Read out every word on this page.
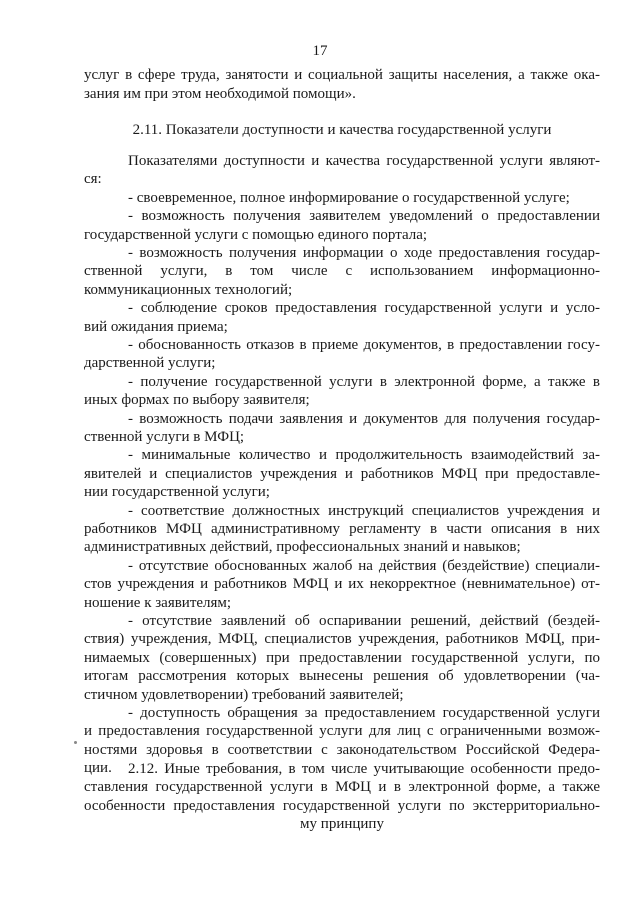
17

услуг в сфере труда, занятости и социальной защиты населения, а также ока-

зания им при этом необходимой помощи».

2.11. Показатели доступности и качества государственной услуги

Показателями доступности и качества государственной услуги являют-

ся:

- своевременное, полное информирование о государственной услуге;

- возможность получения заявителем уведомлений о предоставлении

государственной услуги с помощью единого портала;

- возможность получения информации о ходе предоставления государ-

ственной услуги, в том числе с использованием информационно-

коммуникационных технологий;

- соблюдение сроков предоставления государственной услуги и усло-

вий ожидания приема;

- обоснованность отказов в приеме документов, в предоставлении госу-

дарственной услуги;

- получение государственной услуги в электронной форме, а также в

иных формах по выбору заявителя;

- возможность подачи заявления и документов для получения государ-

ственной услуги в МФЦ;

- минимальные количество и продолжительность взаимодействий за-

явителей и специалистов учреждения и работников МФЦ при предоставле-

нии государственной услуги;

- соответствие должностных инструкций специалистов учреждения и

работников МФЦ административному регламенту в части описания в них

административных действий, профессиональных знаний и навыков;

- отсутствие обоснованных жалоб на действия (бездействие) специали-

стов учреждения и работников МФЦ и их некорректное (невнимательное) от-

ношение к заявителям;

- отсутствие заявлений об оспаривании решений, действий (бездей-

ствия) учреждения, МФЦ, специалистов учреждения, работников МФЦ, при-

нимаемых (совершенных) при предоставлении государственной услуги, по

итогам рассмотрения которых вынесены решения об удовлетворении (ча-

стичном удовлетворении) требований заявителей;

- доступность обращения за предоставлением государственной услуги

и предоставления государственной услуги для лиц с ограниченными возмож-

ностями здоровья в соответствии с законодательством Российской Федера-

ции.	2.12. Иные требования, в том числе учитывающие особенности предо-

ставления государственной услуги в МФЦ и в электронной форме, а также

особенности предоставления государственной услуги по экстерриториально-

му принципу
